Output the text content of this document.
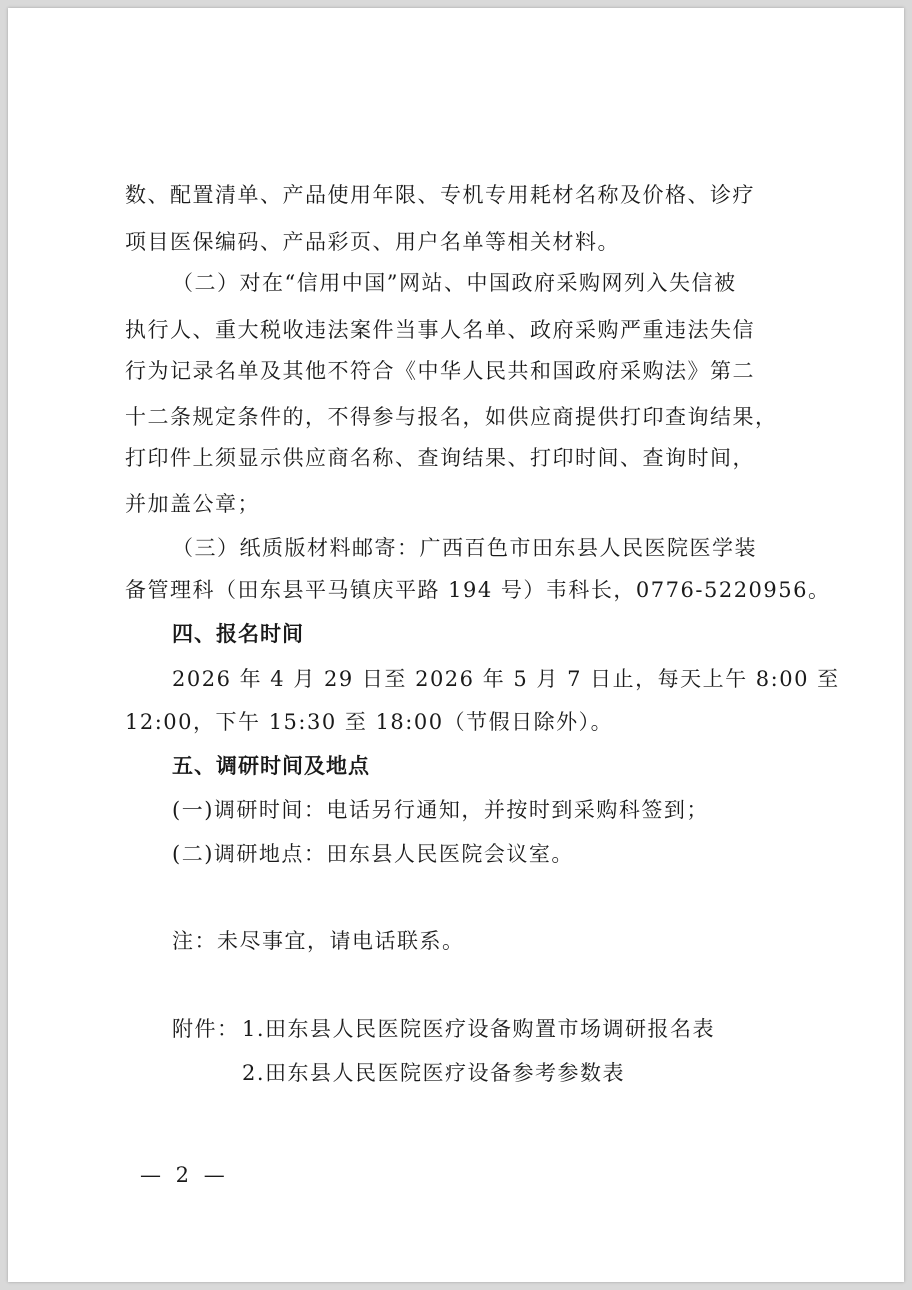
数、配置清单、产品使用年限、专机专用耗材名称及价格、诊疗
项目医保编码、产品彩页、用户名单等相关材料。
（二）对在“信用中国”网站、中国政府采购网列入失信被
执行人、重大税收违法案件当事人名单、政府采购严重违法失信
行为记录名单及其他不符合《中华人民共和国政府采购法》第二
十二条规定条件的，不得参与报名，如供应商提供打印查询结果，
打印件上须显示供应商名称、查询结果、打印时间、查询时间，
并加盖公章；
（三）纸质版材料邮寄：广西百色市田东县人民医院医学装
备管理科（田东县平马镇庆平路 194 号）韦科长，0776-5220956。
四、报名时间
2026 年 4 月 29 日至 2026 年 5 月 7 日止，每天上午 8:00 至
12:00，下午 15:30 至 18:00（节假日除外）。
五、调研时间及地点
(一)调研时间：电话另行通知，并按时到采购科签到；
(二)调研地点：田东县人民医院会议室。
注：未尽事宜，请电话联系。
附件： 1.田东县人民医院医疗设备购置市场调研报名表
2.田东县人民医院医疗设备参考参数表
— 2 —
